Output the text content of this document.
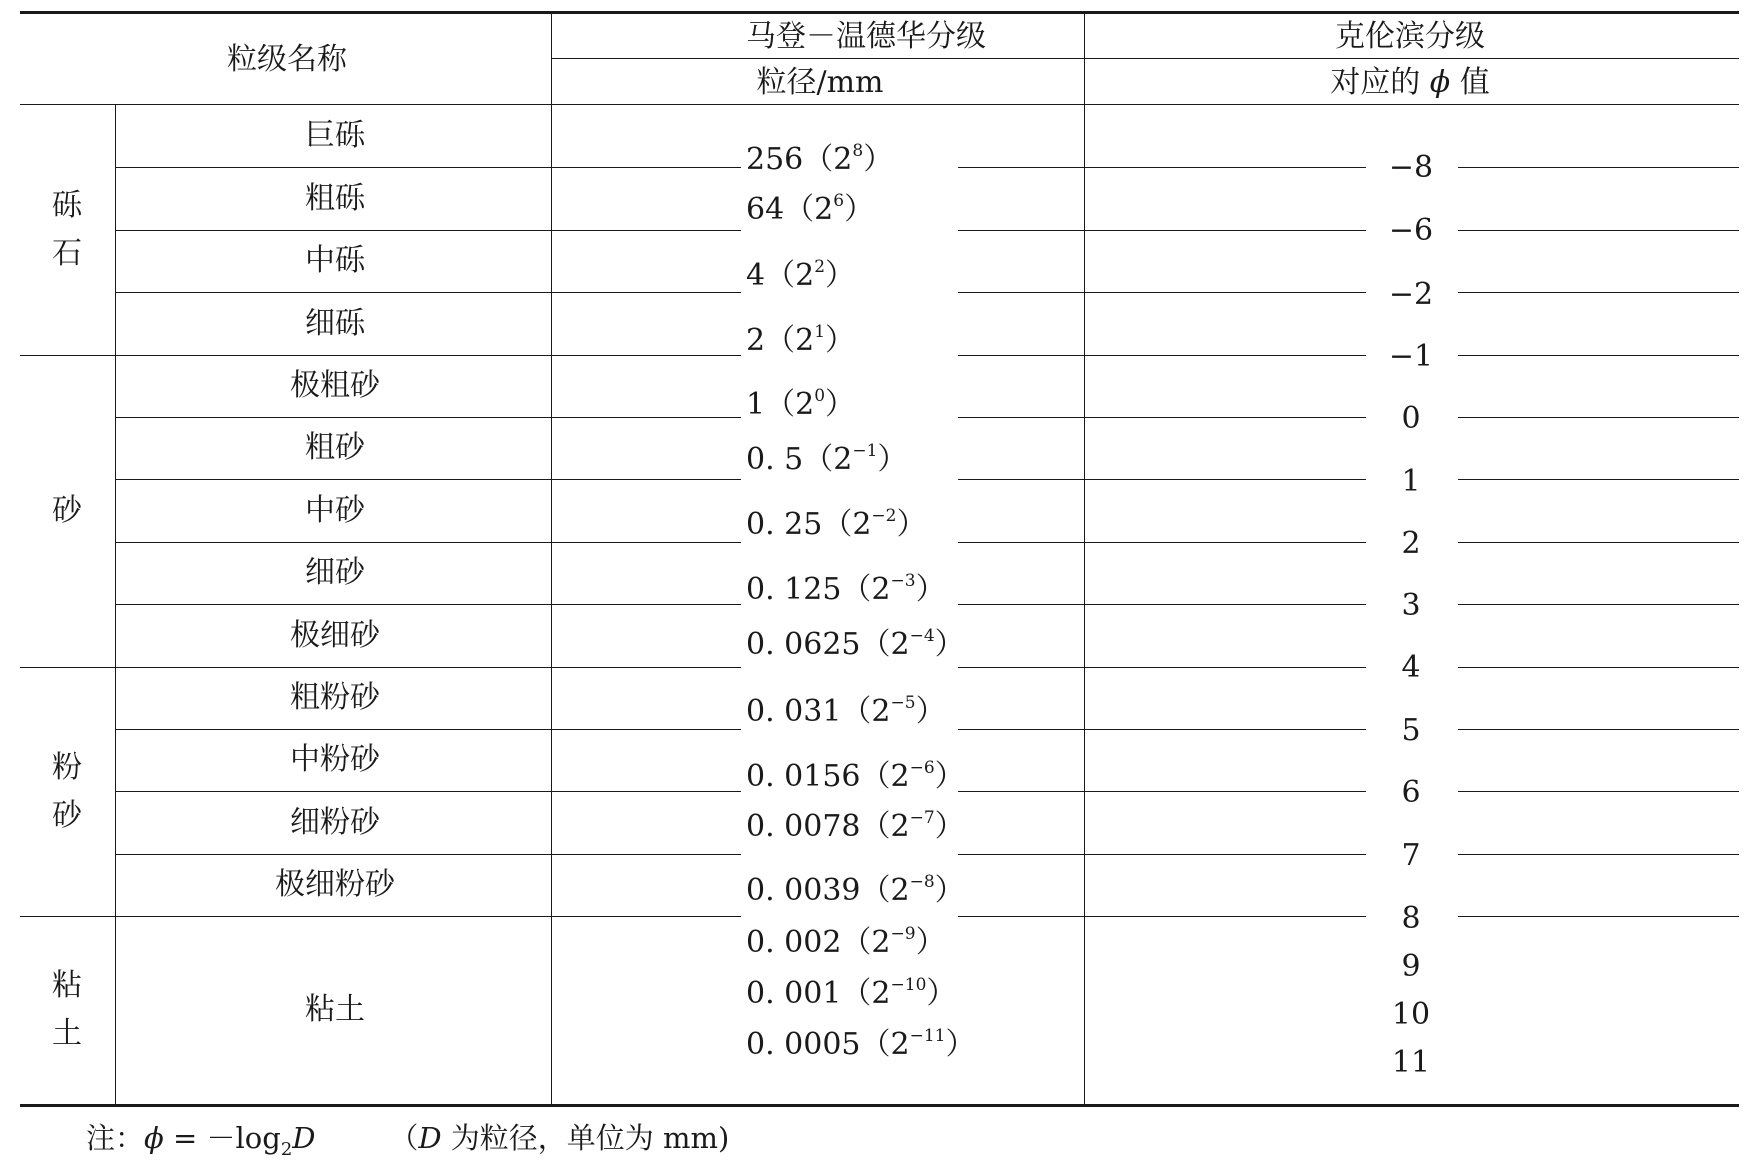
粒级名称
马登－温德华分级
粒径/mm
克伦滨分级
对应的 ϕ 值
注：$\phi = -\log_2D$	（D 为粒径，单位为 mm)
巨砾
粗砾
中砾
细砾
极粗砂
粗砂
中砂
细砂
极细砂
粗粉砂
中粉砂
细粉砂
极细粉砂
粘土
砾
石
砂
粉
砂
粘
土
$256(2^8)$
$64(2^6)$
$4(2^2)$
$2(2^1)$
$1(2^0)$
0. $5(2^{-1})$
0. $25(2^{-2})$
0. $125(2^{-3})$
0. $0625(2^{-4})$
0. $031(2^{-5})$
0. $0156(2^{-6})$
0. $0078(2^{-7})$
0. $0039(2^{-8})$
0. $002(2^{-9})$
0. $001(2^{-10})$
0. $0005(2^{-11})$
−8
−6
−2
−1
0
1
2
3
4
5
6
7
8
9
10
11
